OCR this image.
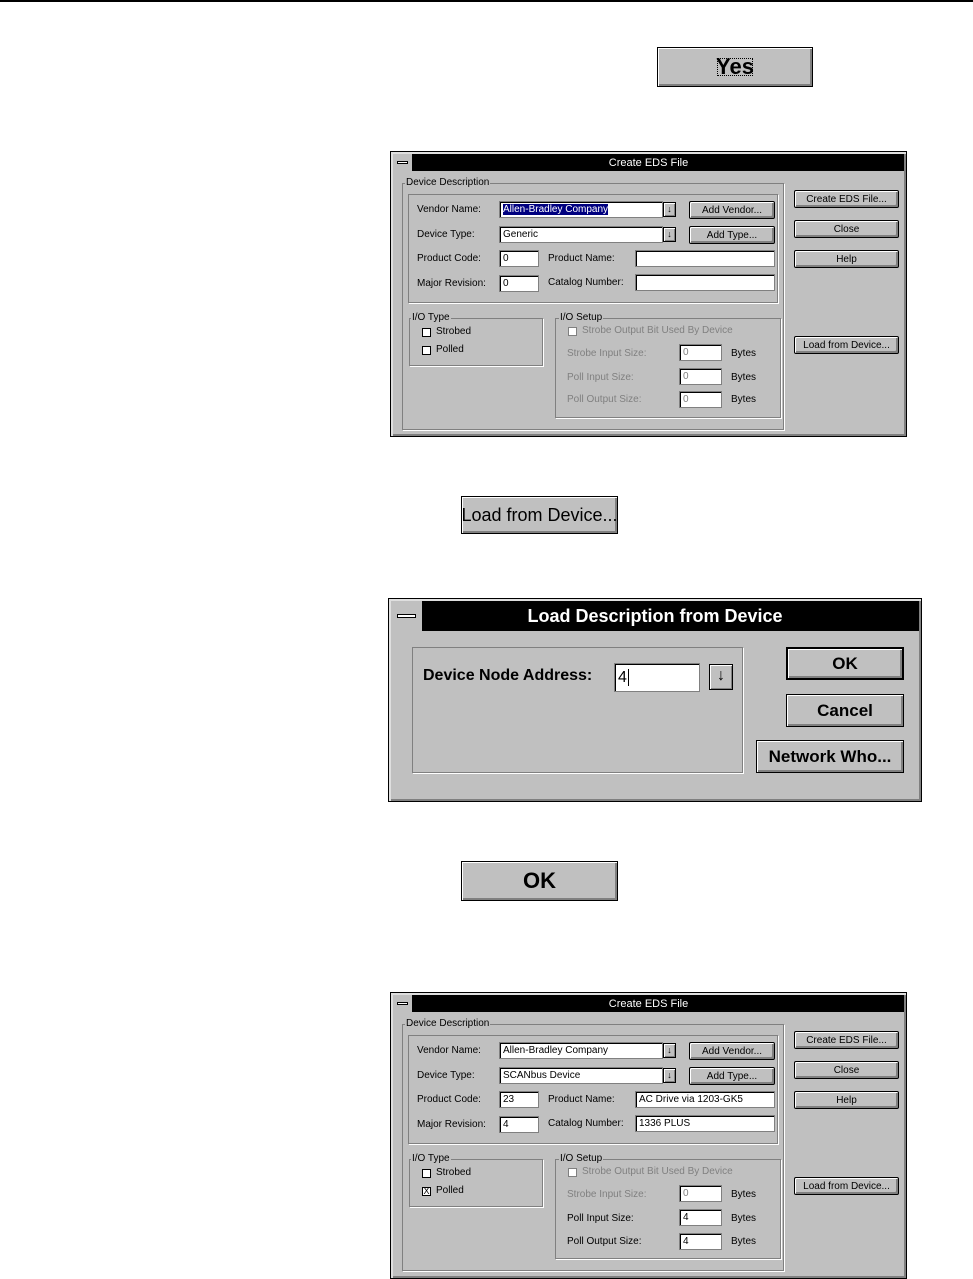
Yes
Create EDS File
Device Description
Vendor Name:	Allen-Bradley Company	↓	Add Vendor...
Device Type:	Generic	↓	Add Type...
Product Code:	0	Product Name:
Major Revision:	0	Catalog Number:
I/O Type
Strobed
Polled
I/O Setup
Strobe Output Bit Used By Device
Strobe Input Size:	0	Bytes
Poll Input Size:	0	Bytes
Poll Output Size:	0	Bytes
Create EDS File...
Close
Help
Load from Device...
Load from Device...
Load Description from Device
Device Node Address: 4	↓
OK
Cancel
Network Who...
OK
Create EDS File
Device Description
Vendor Name:	Allen-Bradley Company	↓	Add Vendor...
Device Type:	SCANbus Device	↓	Add Type...
Product Code:	23	Product Name:	AC Drive via 1203-GK5
Major Revision:	4	Catalog Number:	1336 PLUS
I/O Type
Strobed
X Polled
I/O Setup
Strobe Output Bit Used By Device
Strobe Input Size:	0	Bytes
Poll Input Size:	4	Bytes
Poll Output Size:	4	Bytes
Create EDS File...
Close
Help
Load from Device...
